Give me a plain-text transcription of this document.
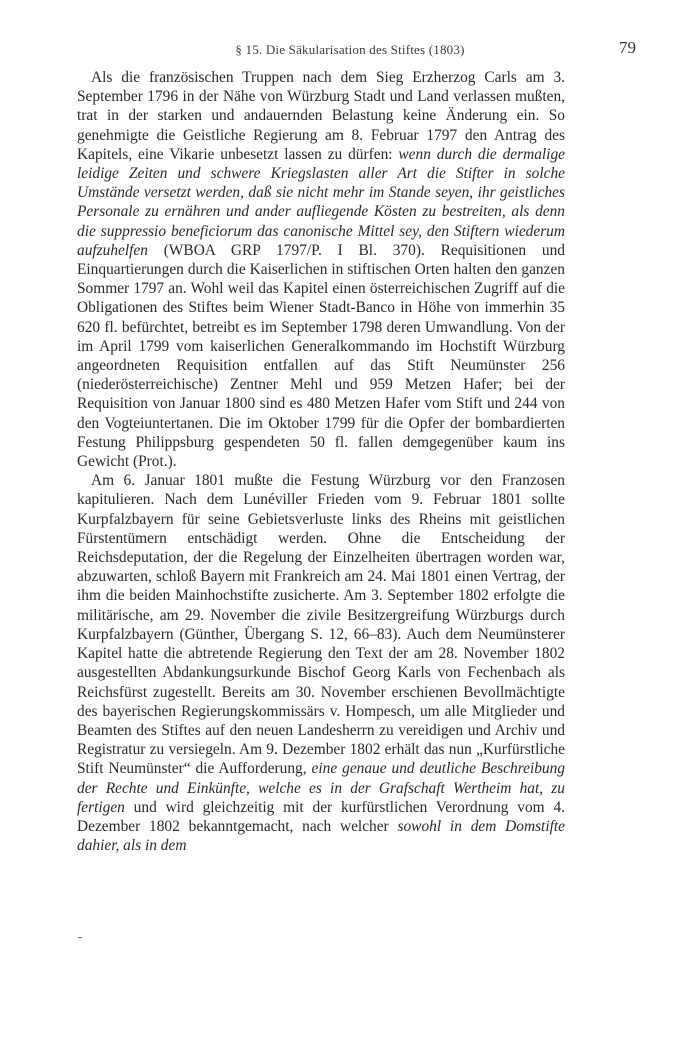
§ 15. Die Säkularisation des Stiftes (1803)	79

Als die französischen Truppen nach dem Sieg Erzherzog Carls am 3. September 1796 in der Nähe von Würzburg Stadt und Land verlassen mußten, trat in der starken und andauernden Belastung keine Änderung ein. So genehmigte die Geistliche Regierung am 8. Februar 1797 den Antrag des Kapitels, eine Vikarie unbesetzt lassen zu dürfen: wenn durch die dermalige leidige Zeiten und schwere Kriegslasten aller Art die Stifter in solche Umstände versetzt werden, daß sie nicht mehr im Stande seyen, ihr geistliches Personale zu ernähren und ander aufliegende Kösten zu bestreiten, als denn die suppressio beneficiorum das canonische Mittel sey, den Stiftern wiederum aufzuhelfen (WBOA GRP 1797/P. I Bl. 370). Requisitionen und Einquartierungen durch die Kaiserlichen in stiftischen Orten halten den ganzen Sommer 1797 an. Wohl weil das Kapitel einen österreichischen Zugriff auf die Obligationen des Stiftes beim Wiener Stadt-Banco in Höhe von immerhin 35 620 fl. befürchtet, betreibt es im September 1798 deren Umwandlung. Von der im April 1799 vom kaiserlichen Generalkommando im Hochstift Würzburg angeordneten Requisition entfallen auf das Stift Neumünster 256 (niederösterreichische) Zentner Mehl und 959 Metzen Hafer; bei der Requisition von Januar 1800 sind es 480 Metzen Hafer vom Stift und 244 von den Vogteiuntertanen. Die im Oktober 1799 für die Opfer der bombardierten Festung Philippsburg gespendeten 50 fl. fallen demgegenüber kaum ins Gewicht (Prot.).

Am 6. Januar 1801 mußte die Festung Würzburg vor den Franzosen kapitulieren. Nach dem Lunéviller Frieden vom 9. Februar 1801 sollte Kurpfalzbayern für seine Gebietsverluste links des Rheins mit geistlichen Fürstentümern entschädigt werden. Ohne die Entscheidung der Reichsdeputation, der die Regelung der Einzelheiten übertragen worden war, abzuwarten, schloß Bayern mit Frankreich am 24. Mai 1801 einen Vertrag, der ihm die beiden Mainhochstifte zusicherte. Am 3. September 1802 erfolgte die militärische, am 29. November die zivile Besitzergreifung Würzburgs durch Kurpfalzbayern (Günther, Übergang S. 12, 66–83). Auch dem Neumünsterer Kapitel hatte die abtretende Regierung den Text der am 28. November 1802 ausgestellten Abdankungsurkunde Bischof Georg Karls von Fechenbach als Reichsfürst zugestellt. Bereits am 30. November erschienen Bevollmächtigte des bayerischen Regierungskommissärs v. Hompesch, um alle Mitglieder und Beamten des Stiftes auf den neuen Landesherrn zu vereidigen und Archiv und Registratur zu versiegeln. Am 9. Dezember 1802 erhält das nun „Kurfürstliche Stift Neumünster“ die Aufforderung, eine genaue und deutliche Beschreibung der Rechte und Einkünfte, welche es in der Grafschaft Wertheim hat, zu fertigen und wird gleichzeitig mit der kurfürstlichen Verordnung vom 4. Dezember 1802 bekanntgemacht, nach welcher sowohl in dem Domstifte dahier, als in dem
